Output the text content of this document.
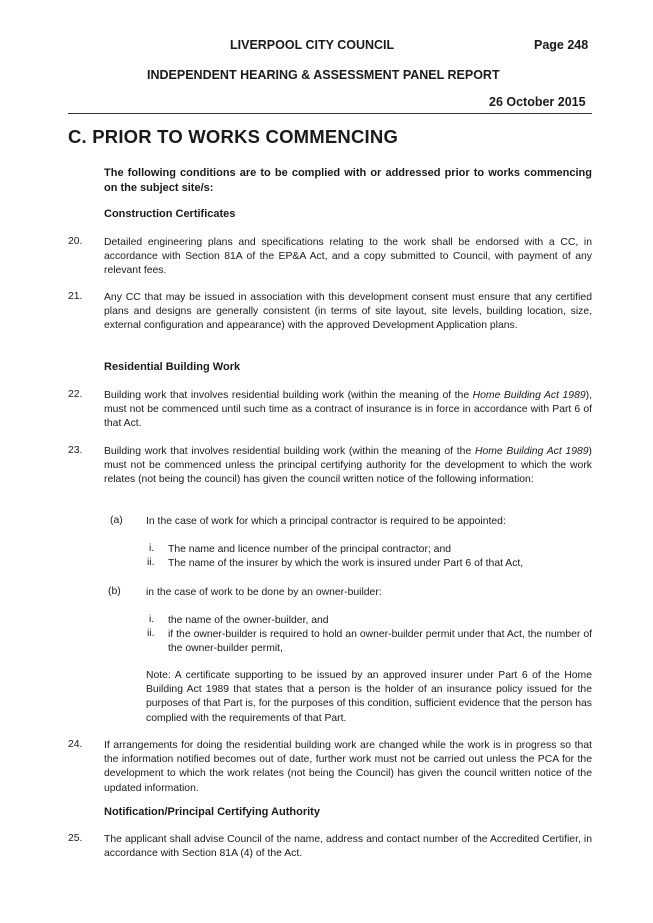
LIVERPOOL CITY COUNCIL	Page 248
INDEPENDENT HEARING & ASSESSMENT PANEL REPORT
26 October 2015
C. PRIOR TO WORKS COMMENCING
The following conditions are to be complied with or addressed prior to works commencing on the subject site/s:
Construction Certificates
20. Detailed engineering plans and specifications relating to the work shall be endorsed with a CC, in accordance with Section 81A of the EP&A Act, and a copy submitted to Council, with payment of any relevant fees.
21. Any CC that may be issued in association with this development consent must ensure that any certified plans and designs are generally consistent (in terms of site layout, site levels, building location, size, external configuration and appearance) with the approved Development Application plans.
Residential Building Work
22. Building work that involves residential building work (within the meaning of the Home Building Act 1989), must not be commenced until such time as a contract of insurance is in force in accordance with Part 6 of that Act.
23. Building work that involves residential building work (within the meaning of the Home Building Act 1989) must not be commenced unless the principal certifying authority for the development to which the work relates (not being the council) has given the council written notice of the following information:
(a) In the case of work for which a principal contractor is required to be appointed:
i. The name and licence number of the principal contractor; and
ii. The name of the insurer by which the work is insured under Part 6 of that Act,
(b) in the case of work to be done by an owner-builder:
i. the name of the owner-builder, and
ii. if the owner-builder is required to hold an owner-builder permit under that Act, the number of the owner-builder permit,
Note: A certificate supporting to be issued by an approved insurer under Part 6 of the Home Building Act 1989 that states that a person is the holder of an insurance policy issued for the purposes of that Part is, for the purposes of this condition, sufficient evidence that the person has complied with the requirements of that Part.
24. If arrangements for doing the residential building work are changed while the work is in progress so that the information notified becomes out of date, further work must not be carried out unless the PCA for the development to which the work relates (not being the Council) has given the council written notice of the updated information.
Notification/Principal Certifying Authority
25. The applicant shall advise Council of the name, address and contact number of the Accredited Certifier, in accordance with Section 81A (4) of the Act.
